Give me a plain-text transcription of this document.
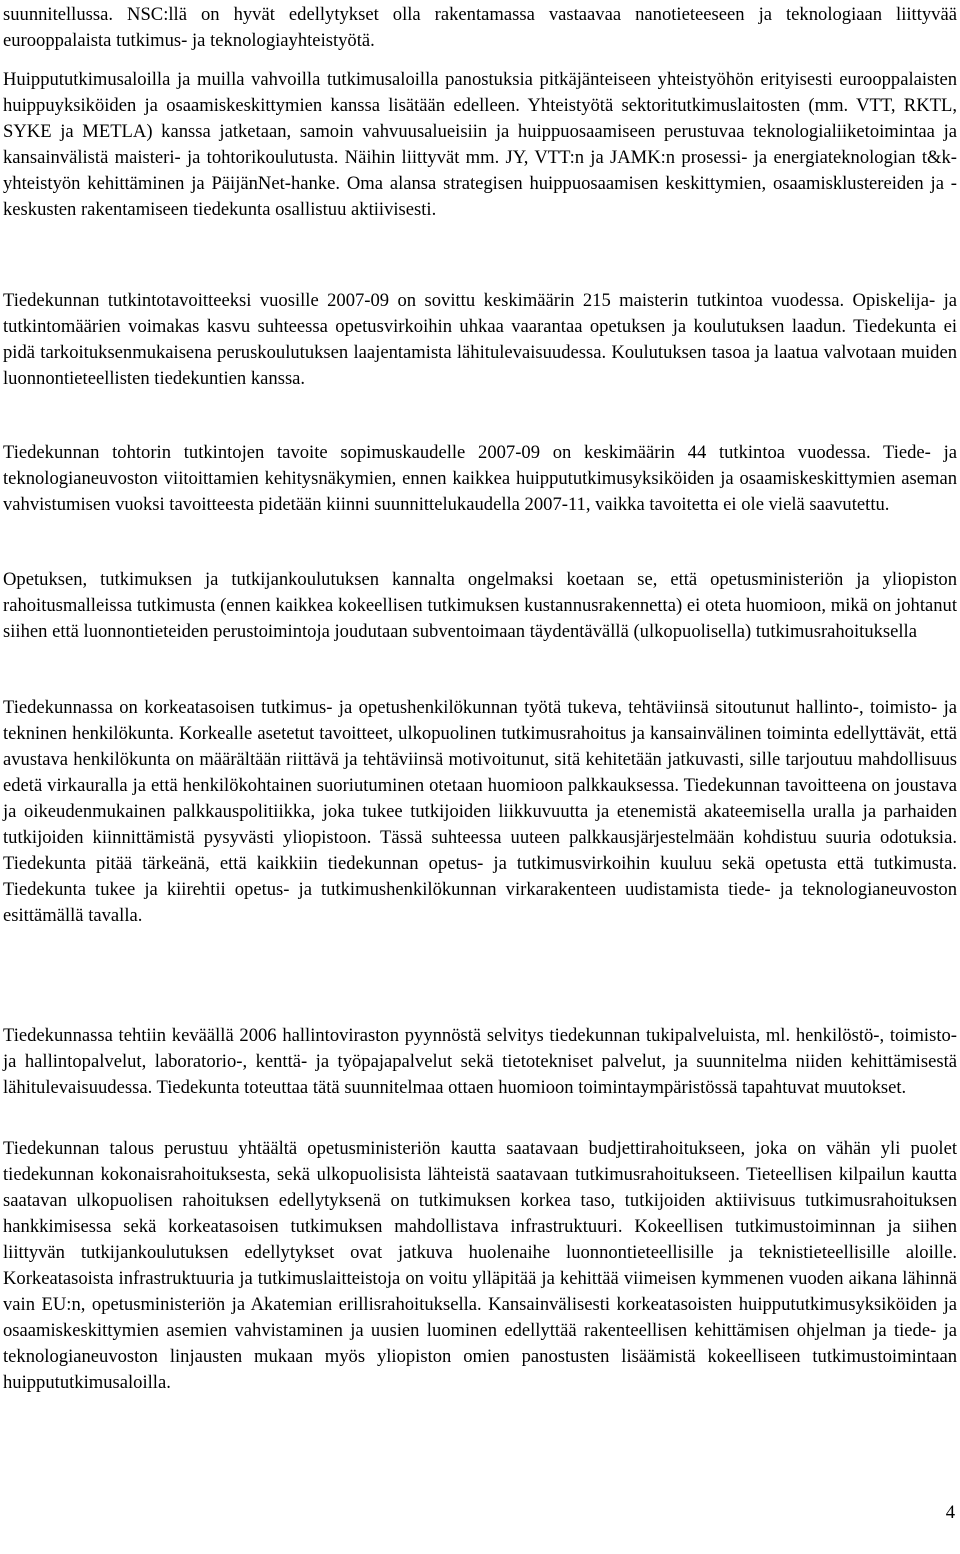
suunnitellussa. NSC:llä on hyvät edellytykset olla rakentamassa vastaavaa nanotieteeseen ja teknologiaan liittyvää eurooppalaista tutkimus- ja teknologiayhteistyötä.

Huippututkimusaloilla ja muilla vahvoilla tutkimusaloilla panostuksia pitkäjänteiseen yhteistyöhön erityisesti eurooppalaisten huippuyksiköiden ja osaamiskeskittymien kanssa lisätään edelleen. Yhteistyötä sektoritutkimuslaitosten (mm. VTT, RKTL, SYKE ja METLA) kanssa jatketaan, samoin vahvuusalueisiin ja huippuosaamiseen perustuvaa teknologialiiketoimintaa ja kansainvälistä maisteri- ja tohtorikoulutusta. Näihin liittyvät mm. JY, VTT:n ja JAMK:n prosessi- ja energiateknologian t&k-yhteistyön kehittäminen ja PäijänNet-hanke. Oma alansa strategisen huippuosaamisen keskittymien, osaamisklustereiden ja -keskusten rakentamiseen tiedekunta osallistuu aktiivisesti.

Tiedekunnan tutkintotavoitteeksi vuosille 2007-09 on sovittu keskimäärin 215 maisterin tutkintoa vuodessa. Opiskelija- ja tutkintomäärien voimakas kasvu suhteessa opetusvirkoihin uhkaa vaarantaa opetuksen ja koulutuksen laadun. Tiedekunta ei pidä tarkoituksenmukaisena peruskoulutuksen laajentamista lähitulevaisuudessa. Koulutuksen tasoa ja laatua valvotaan muiden luonnontieteellisten tiedekuntien kanssa.

Tiedekunnan tohtorin tutkintojen tavoite sopimuskaudelle 2007-09 on keskimäärin 44 tutkintoa vuodessa. Tiede- ja teknologianeuvoston viitoittamien kehitysnäkymien, ennen kaikkea huippututkimusyksiköiden ja osaamiskeskittymien aseman vahvistumisen vuoksi tavoitteesta pidetään kiinni suunnittelukaudella 2007-11, vaikka tavoitetta ei ole vielä saavutettu.

Opetuksen, tutkimuksen ja tutkijankoulutuksen kannalta ongelmaksi koetaan se, että opetusministeriön ja yliopiston rahoitusmalleissa tutkimusta (ennen kaikkea kokeellisen tutkimuksen kustannusrakennetta) ei oteta huomioon, mikä on johtanut siihen että luonnontieteiden perustoimintoja joudutaan subventoimaan täydentävällä (ulkopuolisella) tutkimusrahoituksella

Tiedekunnassa on korkeatasoisen tutkimus- ja opetushenkilökunnan työtä tukeva, tehtäviinsä sitoutunut hallinto-, toimisto- ja tekninen henkilökunta. Korkealle asetetut tavoitteet, ulkopuolinen tutkimusrahoitus ja kansainvälinen toiminta edellyttävät, että avustava henkilökunta on määrältään riittävä ja tehtäviinsä motivoitunut, sitä kehitetään jatkuvasti, sille tarjoutuu mahdollisuus edetä virkauralla ja että henkilökohtainen suoriutuminen otetaan huomioon palkkauksessa. Tiedekunnan tavoitteena on joustava ja oikeudenmukainen palkkauspolitiikka, joka tukee tutkijoiden liikkuvuutta ja etenemistä akateemisella uralla ja parhaiden tutkijoiden kiinnittämistä pysyvästi yliopistoon. Tässä suhteessa uuteen palkkausjärjestelmään kohdistuu suuria odotuksia. Tiedekunta pitää tärkeänä, että kaikkiin tiedekunnan opetus- ja tutkimusvirkoihin kuuluu sekä opetusta että tutkimusta. Tiedekunta tukee ja kiirehtii opetus- ja tutkimushenkilökunnan virkarakenteen uudistamista tiede- ja teknologianeuvoston esittämällä tavalla.

Tiedekunnassa tehtiin keväällä 2006 hallintoviraston pyynnöstä selvitys tiedekunnan tukipalveluista, ml. henkilöstö-, toimisto- ja hallintopalvelut, laboratorio-, kenttä- ja työpajapalvelut sekä tietotekniset palvelut, ja suunnitelma niiden kehittämisestä lähitulevaisuudessa. Tiedekunta toteuttaa tätä suunnitelmaa ottaen huomioon toimintaympäristössä tapahtuvat muutokset.

Tiedekunnan talous perustuu yhtäältä opetusministeriön kautta saatavaan budjettirahoitukseen, joka on vähän yli puolet tiedekunnan kokonaisrahoituksesta, sekä ulkopuolisista lähteistä saatavaan tutkimusrahoitukseen. Tieteellisen kilpailun kautta saatavan ulkopuolisen rahoituksen edellytyksenä on tutkimuksen korkea taso, tutkijoiden aktiivisuus tutkimusrahoituksen hankkimisessa sekä korkeatasoisen tutkimuksen mahdollistava infrastruktuuri. Kokeellisen tutkimustoiminnan ja siihen liittyvän tutkijankoulutuksen edellytykset ovat jatkuva huolenaihe luonnontieteellisille ja teknistieteellisille aloille. Korkeatasoista infrastruktuuria ja tutkimuslaitteistoja on voitu ylläpitää ja kehittää viimeisen kymmenen vuoden aikana lähinnä vain EU:n, opetusministeriön ja Akatemian erillisrahoituksella. Kansainvälisesti korkeatasoisten huippututkimusyksiköiden ja osaamiskeskittymien asemien vahvistaminen ja uusien luominen edellyttää rakenteellisen kehittämisen ohjelman ja tiede- ja teknologianeuvoston linjausten mukaan myös yliopiston omien panostusten lisäämistä kokeelliseen tutkimustoimintaan huippututkimusaloilla.

4
